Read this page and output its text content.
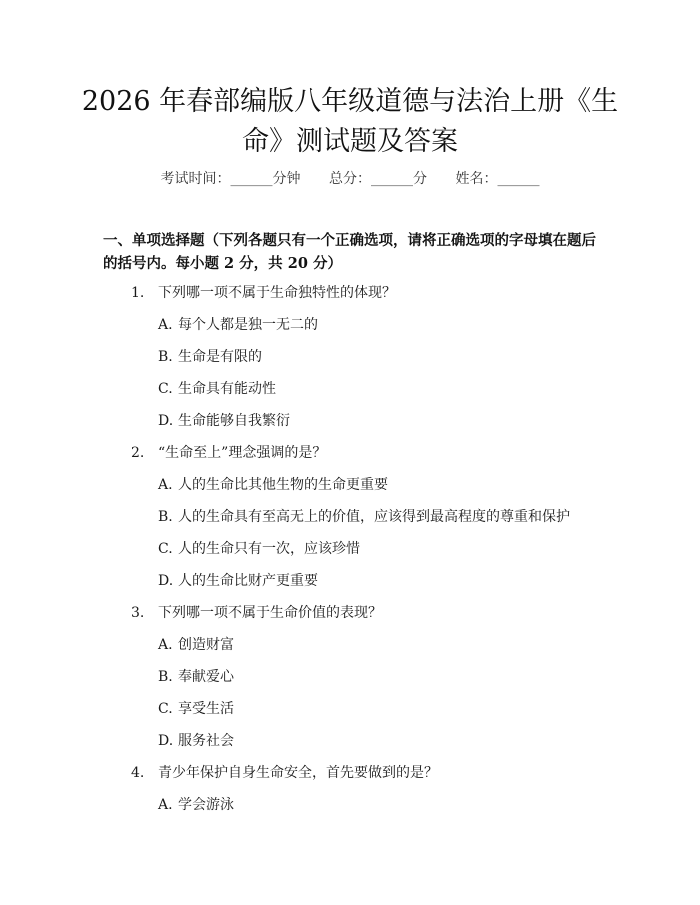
2026 年春部编版八年级道德与法治上册《生
命》测试题及答案
考试时间：______分钟 总分：______分 姓名：______

一、单项选择题（下列各题只有一个正确选项，请将正确选项的字母填在题后的括号内。每小题 2 分，共 20 分）

1. 下列哪一项不属于生命独特性的体现？
A. 每个人都是独一无二的
B. 生命是有限的
C. 生命具有能动性
D. 生命能够自我繁衍
2. “生命至上”理念强调的是？
A. 人的生命比其他生物的生命更重要
B. 人的生命具有至高无上的价值，应该得到最高程度的尊重和保护
C. 人的生命只有一次，应该珍惜
D. 人的生命比财产更重要
3. 下列哪一项不属于生命价值的表现？
A. 创造财富
B. 奉献爱心
C. 享受生活
D. 服务社会
4. 青少年保护自身生命安全，首先要做到的是？
A. 学会游泳
